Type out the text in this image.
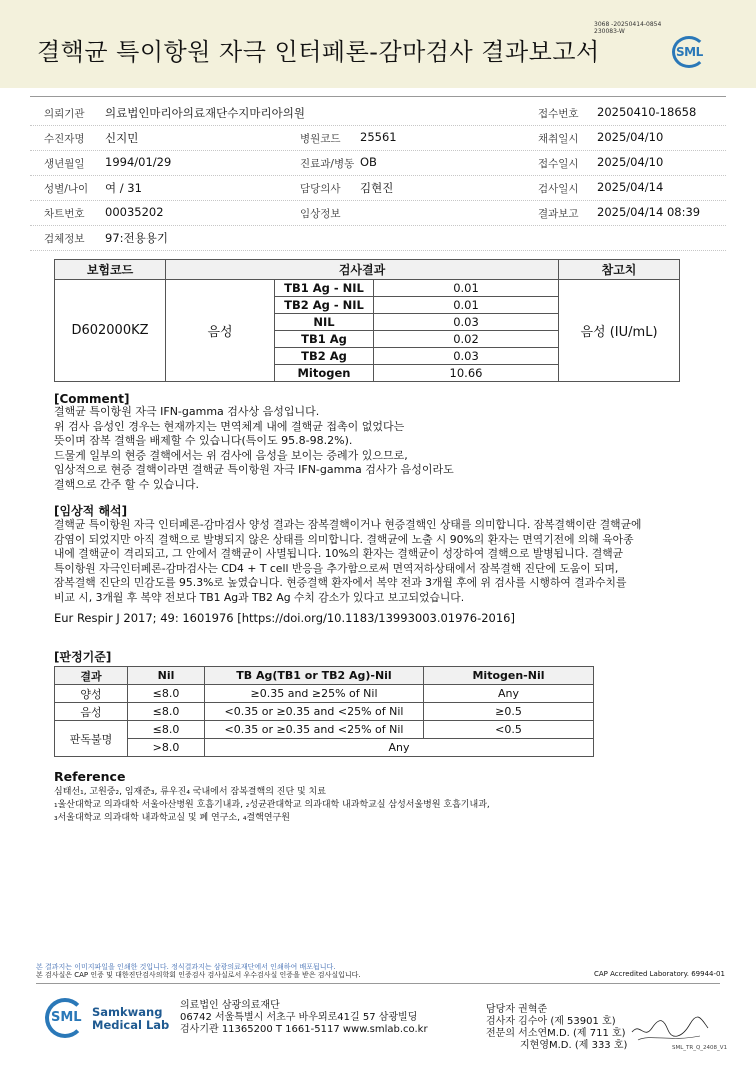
결핵균 특이항원 자극 인터페론-감마검사 결과보고서
3068 -20250414-0854
230083-W
SML
의뢰기관 의료법인마리아의료재단수지마리아의원	접수번호 20250410-18658
수진자명 신지민	병원코드 25561	채취일시 2025/04/10
생년월일 1994/01/29	진료과/병동 OB	접수일시 2025/04/10
성별/나이 여 / 31	담당의사 김현진	검사일시 2025/04/14
차트번호 00035202	임상정보	결과보고 2025/04/14 08:39
검체정보 97:전용용기
보험코드	검사결과			참고치
D602000KZ	음성	TB1 Ag - NIL	0.01	음성 (IU/mL)
		TB2 Ag - NIL	0.01	
		NIL	0.03	
		TB1 Ag	0.02	
		TB2 Ag	0.03	
		Mitogen	10.66	
[Comment]
결핵균 특이항원 자극 IFN-gamma 검사상 음성입니다.
위 검사 음성인 경우는 현재까지는 면역체계 내에 결핵균 접촉이 없었다는
뜻이며 잠복 결핵을 배제할 수 있습니다(특이도 95.8-98.2%).
드물게 일부의 현증 결핵에서는 위 검사에 음성을 보이는 증례가 있으므로,
임상적으로 현증 결핵이라면 결핵균 특이항원 자극 IFN-gamma 검사가 음성이라도
결핵으로 간주 할 수 있습니다.
[임상적 해석]
결핵균 특이항원 자극 인터페론-감마검사 양성 결과는 잠복결핵이거나 현증결핵인 상태를 의미합니다. 잠복결핵이란 결핵균에
감염이 되었지만 아직 결핵으로 발병되지 않은 상태를 의미합니다. 결핵균에 노출 시 90%의 환자는 면역기전에 의해 육아종
내에 결핵균이 격리되고, 그 안에서 결핵균이 사멸됩니다. 10%의 환자는 결핵균이 성장하여 결핵으로 발병됩니다. 결핵균
특이항원 자극인터페론-감마검사는 CD4 + T cell 반응을 추가함으로써 면역저하상태에서 잠복결핵 진단에 도움이 되며,
잠복결핵 진단의 민감도를 95.3%로 높였습니다. 현증결핵 환자에서 복약 전과 3개월 후에 위 검사를 시행하여 결과수치를
비교 시, 3개월 후 복약 전보다 TB1 Ag과 TB2 Ag 수치 감소가 있다고 보고되었습니다.
Eur Respir J 2017; 49: 1601976 [https://doi.org/10.1183/13993003.01976-2016]
[판정기준]
결과	Nil	TB Ag(TB1 or TB2 Ag)-Nil	Mitogen-Nil
양성	≤8.0	≥0.35 and ≥25% of Nil	Any
음성	≤8.0	<0.35 or ≥0.35 and <25% of Nil	≥0.5
판독불명	≤8.0	<0.35 or ≥0.35 and <25% of Nil	<0.5
	>8.0	Any	
Reference
심태선₁, 고원중₂, 임재준₃, 류우진₄ 국내에서 잠복결핵의 진단 및 치료
₁울산대학교 의과대학 서울아산병원 호흡기내과, ₂성균관대학교 의과대학 내과학교실 삼성서울병원 호흡기내과,
₃서울대학교 의과대학 내과학교실 및 폐 연구소, ₄결핵연구원
본 결과지는 이미지파일을 인쇄한 것입니다. 정식결과지는 삼광의료재단에서 인쇄하여 배포됩니다.
본 검사실은 CAP 인증 및 대한진단검사의학회 인증검사 검사실로서 우수검사실 인증을 받은 검사실입니다.	CAP Accredited Laboratory. 69944-01
SML Samkwang Medical Lab
의료법인 삼광의료재단
06742 서울특별시 서초구 바우뫼로41길 57 삼광빌딩
검사기관 11365200 T 1661-5117 www.smlab.co.kr
담당자 권혁준
검사자 김수아 (제 53901 호)
전문의 서소연M.D. (제 711 호)
지현영M.D. (제 333 호)	SML_TR_Q_2408_V1
